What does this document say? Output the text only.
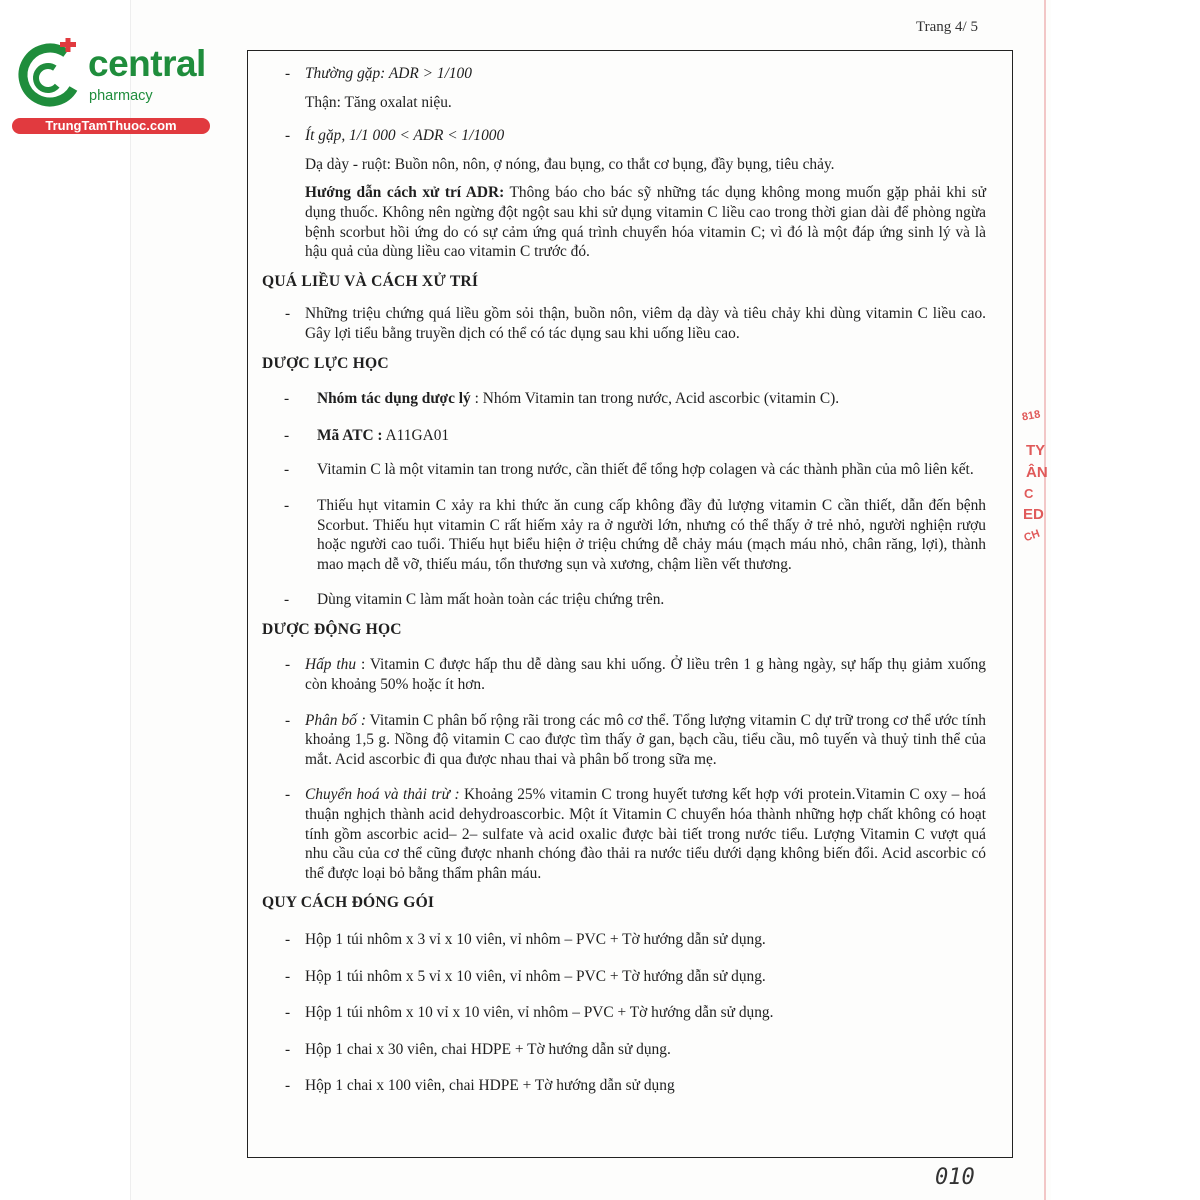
central
pharmacy
TrungTamThuoc.com
Trang 4/ 5
818
TY
ÂN
C
ED
CH

- Thường gặp: ADR > 1/100

Thận: Tăng oxalat niệu.

- Ít gặp, 1/1 000 < ADR < 1/1000

Dạ dày - ruột: Buồn nôn, nôn, ợ nóng, đau bụng, co thắt cơ bụng, đầy bụng, tiêu chảy.

Hướng dẫn cách xử trí ADR: Thông báo cho bác sỹ những tác dụng không mong muốn gặp phải khi sử dụng thuốc. Không nên ngừng đột ngột sau khi sử dụng vitamin C liều cao trong thời gian dài để phòng ngừa bệnh scorbut hồi ứng do có sự cảm ứng quá trình chuyển hóa vitamin C; vì đó là một đáp ứng sinh lý và là hậu quả của dùng liều cao vitamin C trước đó.

QUÁ LIỀU VÀ CÁCH XỬ TRÍ

- Những triệu chứng quá liều gồm sỏi thận, buồn nôn, viêm dạ dày và tiêu chảy khi dùng vitamin C liều cao. Gây lợi tiểu bằng truyền dịch có thể có tác dụng sau khi uống liều cao.

DƯỢC LỰC HỌC

- Nhóm tác dụng dược lý : Nhóm Vitamin tan trong nước, Acid ascorbic (vitamin C).

- Mã ATC : A11GA01

- Vitamin C là một vitamin tan trong nước, cần thiết để tổng hợp colagen và các thành phần của mô liên kết.

- Thiếu hụt vitamin C xảy ra khi thức ăn cung cấp không đầy đủ lượng vitamin C cần thiết, dẫn đến bệnh Scorbut. Thiếu hụt vitamin C rất hiếm xảy ra ở người lớn, nhưng có thể thấy ở trẻ nhỏ, người nghiện rượu hoặc người cao tuổi. Thiếu hụt biểu hiện ở triệu chứng dễ chảy máu (mạch máu nhỏ, chân răng, lợi), thành mao mạch dễ vỡ, thiếu máu, tổn thương sụn và xương, chậm liền vết thương.

- Dùng vitamin C làm mất hoàn toàn các triệu chứng trên.

DƯỢC ĐỘNG HỌC

- Hấp thu : Vitamin C được hấp thu dễ dàng sau khi uống. Ở liều trên 1 g hàng ngày, sự hấp thụ giảm xuống còn khoảng 50% hoặc ít hơn.

- Phân bố : Vitamin C phân bố rộng rãi trong các mô cơ thể. Tổng lượng vitamin C dự trữ trong cơ thể ước tính khoảng 1,5 g. Nồng độ vitamin C cao được tìm thấy ở gan, bạch cầu, tiểu cầu, mô tuyến và thuỷ tinh thể của mắt. Acid ascorbic đi qua được nhau thai và phân bố trong sữa mẹ.

- Chuyển hoá và thải trừ : Khoảng 25% vitamin C trong huyết tương kết hợp với protein.Vitamin C oxy – hoá thuận nghịch thành acid dehydroascorbic. Một ít Vitamin C chuyển hóa thành những hợp chất không có hoạt tính gồm ascorbic acid– 2– sulfate và acid oxalic được bài tiết trong nước tiểu. Lượng Vitamin C vượt quá nhu cầu của cơ thể cũng được nhanh chóng đào thải ra nước tiểu dưới dạng không biến đổi. Acid ascorbic có thể được loại bỏ bằng thẩm phân máu.

QUY CÁCH ĐÓNG GÓI

- Hộp 1 túi nhôm x 3 vỉ x 10 viên, vỉ nhôm – PVC + Tờ hướng dẫn sử dụng.

- Hộp 1 túi nhôm x 5 vỉ x 10 viên, vỉ nhôm – PVC + Tờ hướng dẫn sử dụng.

- Hộp 1 túi nhôm x 10 vỉ x 10 viên, vỉ nhôm – PVC + Tờ hướng dẫn sử dụng.

- Hộp 1 chai x 30 viên, chai HDPE + Tờ hướng dẫn sử dụng.

- Hộp 1 chai x 100 viên, chai HDPE + Tờ hướng dẫn sử dụng

010
